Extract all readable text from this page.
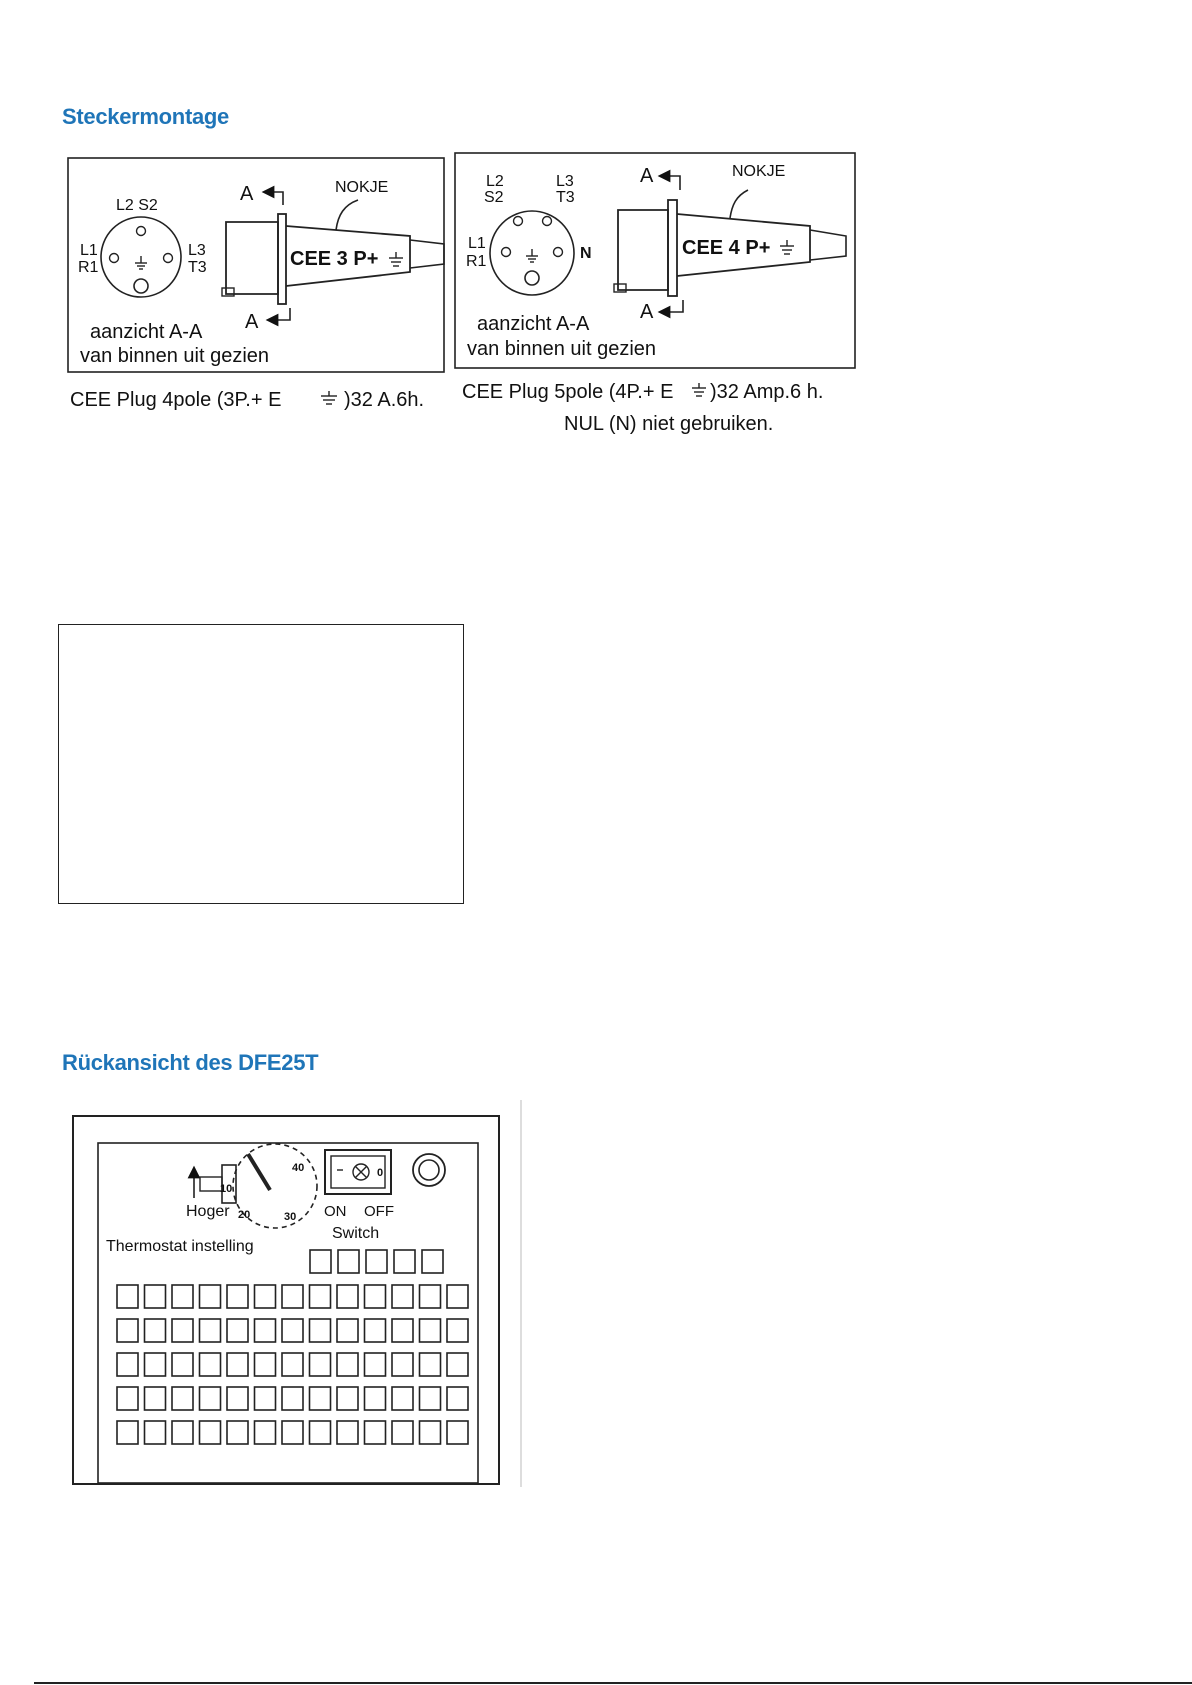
Steckermontage
L2 S2
L1
R1
L3
T3
NOKJE
CEE 3 P+
A
A
aanzicht A-A
van binnen uit gezien
CEE Plug 4pole (3P.+ E	)32 A.6h.
L2
S2
L3
T3
L1
R1	N
NOKJE
CEE 4 P+
A
A
aanzicht A-A
van binnen uit gezien
CEE Plug 5pole (4P.+ E )32 Amp.6 h.
NUL (N) niet gebruiken.
Hoger
10
20	30
40
Thermostat instelling
0
ON OFF
Switch
Rückansicht des DFE25T
